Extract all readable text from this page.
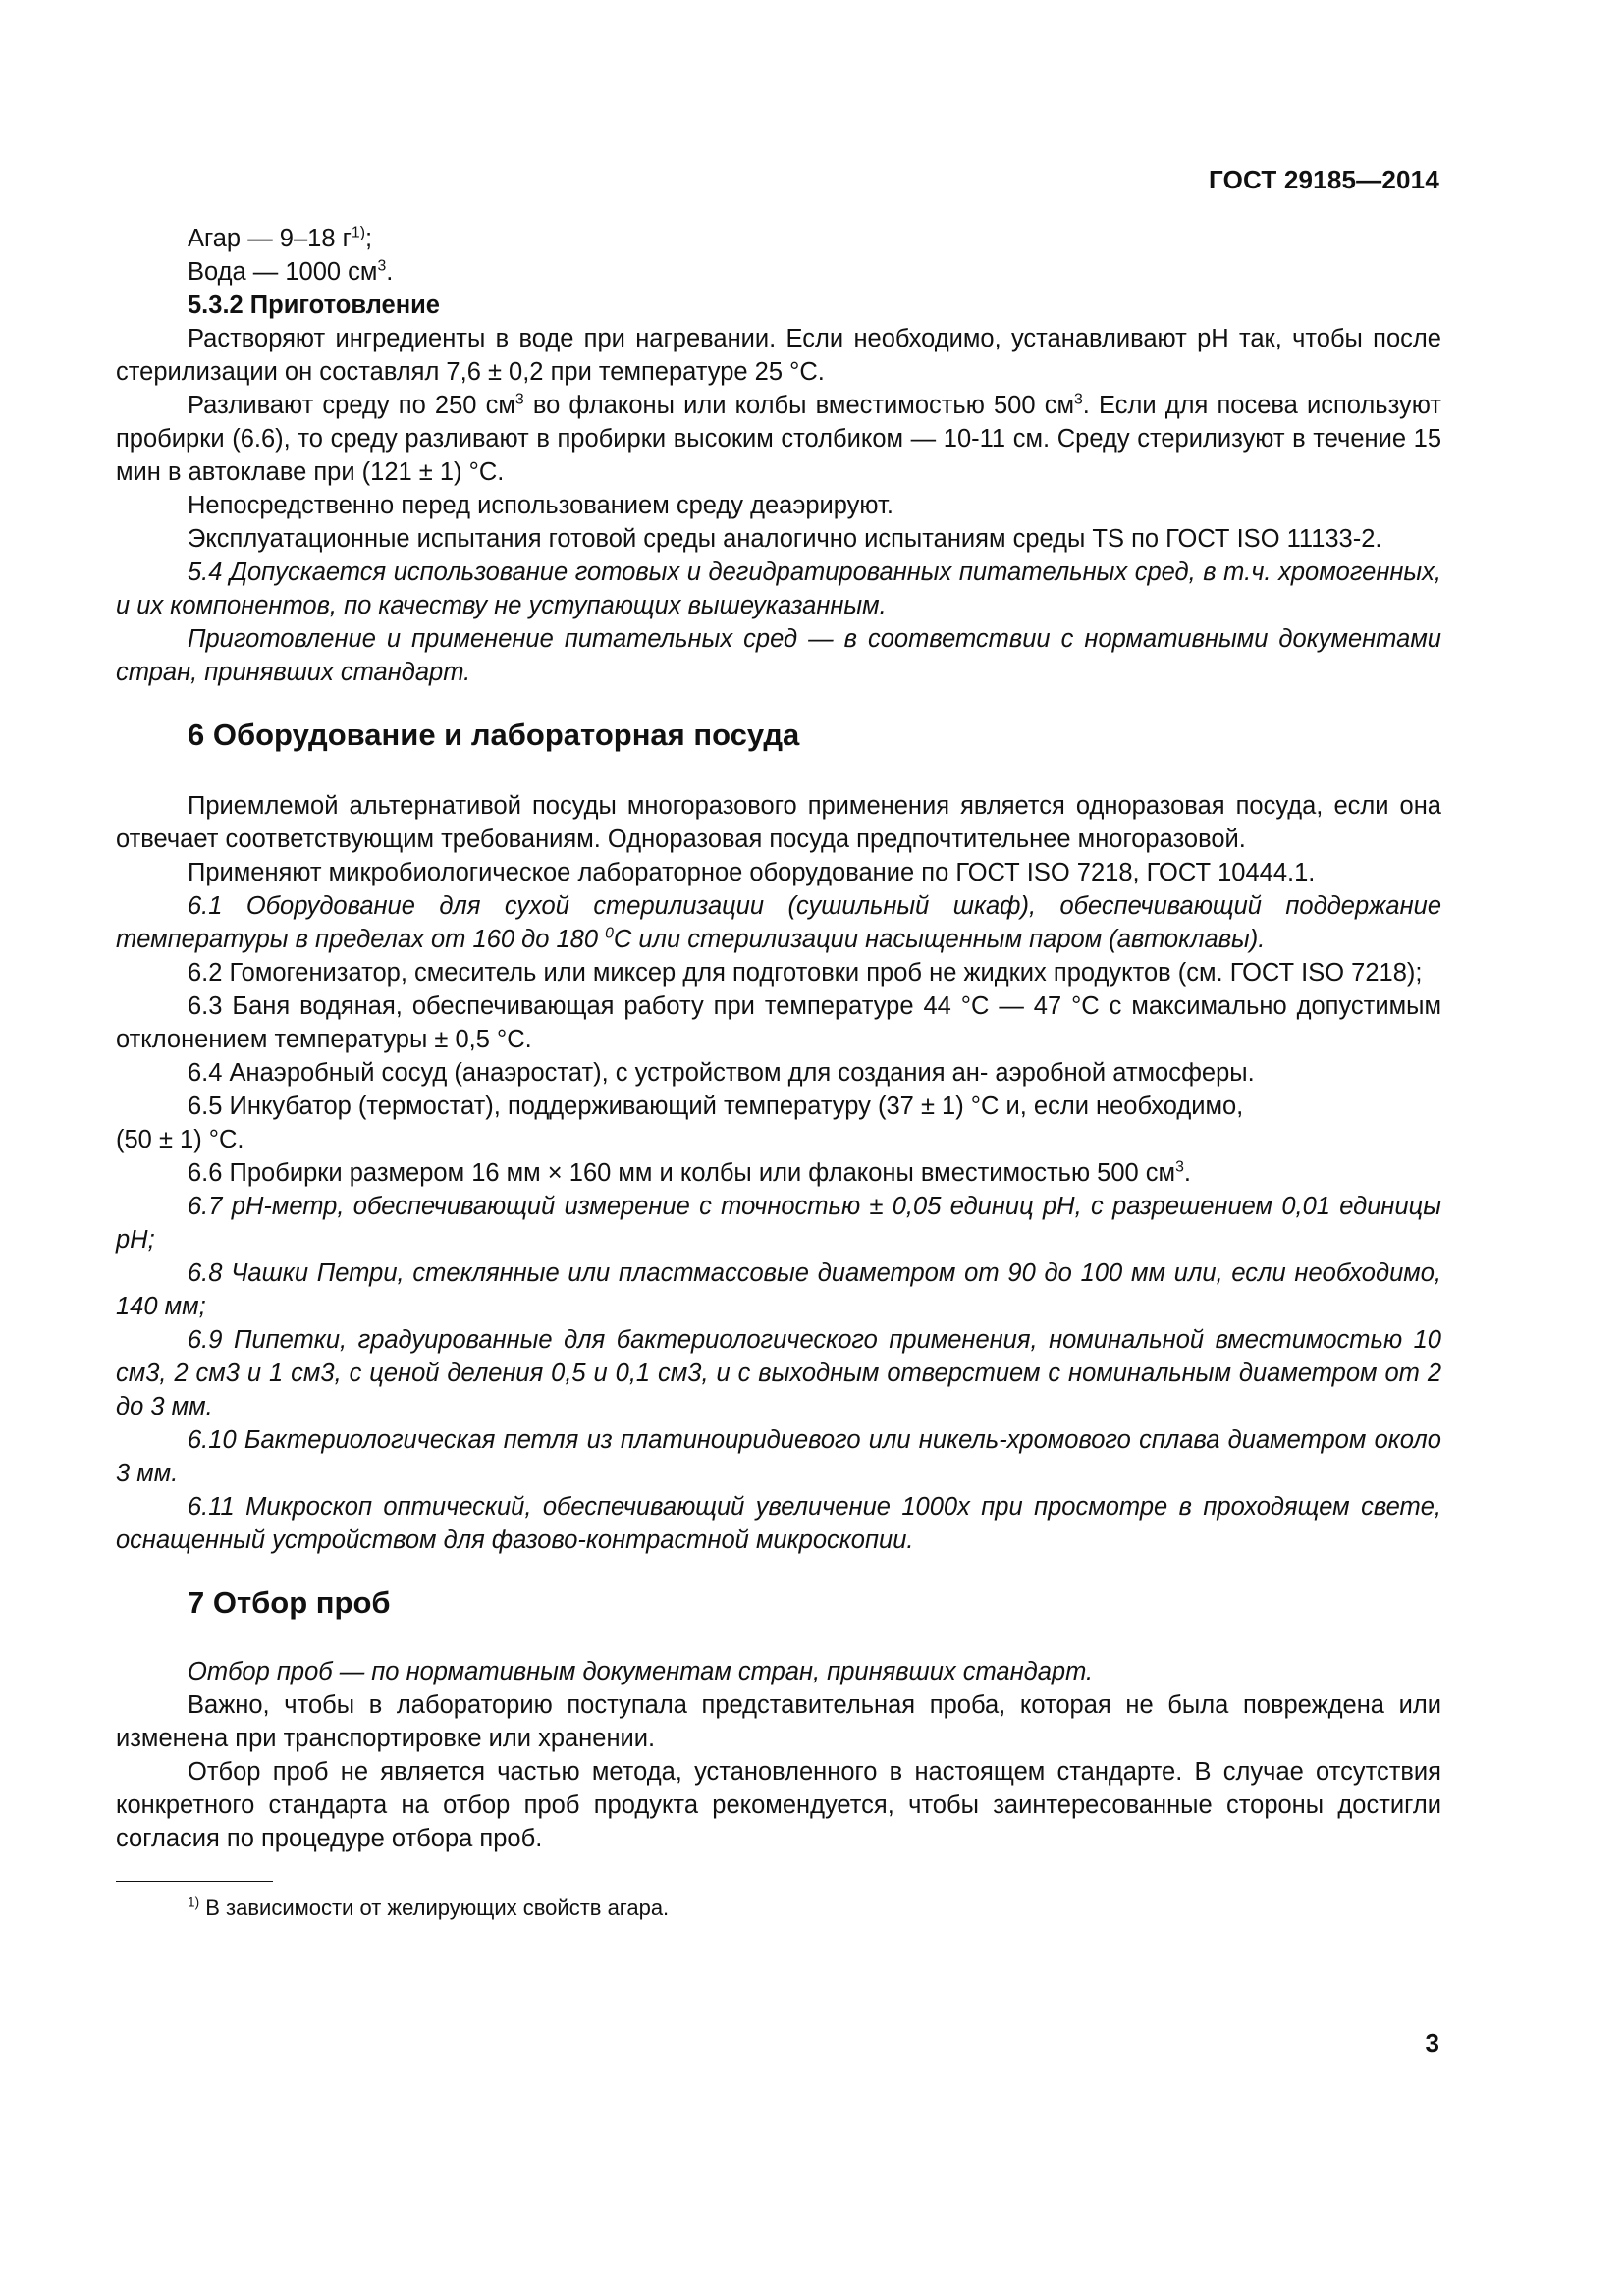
ГОСТ 29185—2014

Агар — 9–18 $г^{1)}$;

Вода — 1000 $см^3$.

5.3.2 Приготовление

Растворяют ингредиенты в воде при нагревании. Если необходимо, устанавливают рН так, чтобы после стерилизации он составлял 7,6 ± 0,2 при температуре 25 °С.

Разливают среду по 250 $см^3$ во флаконы или колбы вместимостью 500 $см^3$. Если для посева используют пробирки (6.6), то среду разливают в пробирки высоким столбиком — 10-11 см. Среду стерилизуют в течение 15 мин в автоклаве при (121 ± 1) °С.

Непосредственно перед использованием среду деаэрируют.

Эксплуатационные испытания готовой среды аналогично испытаниям среды TS по ГОСТ ISO 11133-2.

5.4 Допускается использование готовых и дегидратированных питательных сред, в т.ч. хромогенных, и их компонентов, по качеству не уступающих вышеуказанным.

Приготовление и применение питательных сред — в соответствии с нормативными документами стран, принявших стандарт.

6 Оборудование и лабораторная посуда

Приемлемой альтернативой посуды многоразового применения является одноразовая посуда, если она отвечает соответствующим требованиям. Одноразовая посуда предпочтительнее многоразовой.

Применяют микробиологическое лабораторное оборудование по ГОСТ ISO 7218, ГОСТ 10444.1.

6.1 Оборудование для сухой стерилизации (сушильный шкаф), обеспечивающий поддержание температуры в пределах от 160 до 180 $^0$С или стерилизации насыщенным паром (автоклавы).

6.2 Гомогенизатор, смеситель или миксер для подготовки проб не жидких продуктов (см. ГОСТ ISO 7218);

6.3 Баня водяная, обеспечивающая работу при температуре 44 °С — 47 °С с максимально допустимым отклонением температуры ± 0,5 °С.

6.4 Анаэробный сосуд (анаэростат), с устройством для создания ан- аэробной атмосферы.

6.5 Инкубатор (термостат), поддерживающий температуру (37 ± 1) °С и, если необходимо,

(50 ± 1) °С.

6.6 Пробирки размером 16 мм × 160 мм и колбы или флаконы вместимостью 500 $см^3$.

6.7 рН-метр, обеспечивающий измерение с точностью ± 0,05 единиц рН, с разрешением 0,01 единицы рН;

6.8 Чашки Петри, стеклянные или пластмассовые диаметром от 90 до 100 мм или, если необходимо, 140 мм;

6.9 Пипетки, градуированные для бактериологического применения, номинальной вместимостью 10 см3, 2 см3 и 1 см3, с ценой деления 0,5 и 0,1 см3, и с выходным отверстием с номинальным диаметром от 2 до 3 мм.

6.10 Бактериологическая петля из платиноиридиевого или никель-хромового сплава диаметром около 3 мм.

6.11 Микроскоп оптический, обеспечивающий увеличение 1000х при просмотре в проходящем свете, оснащенный устройством для фазово-контрастной микроскопии.

7 Отбор проб

Отбор проб — по нормативным документам стран, принявших стандарт.

Важно, чтобы в лабораторию поступала представительная проба, которая не была повреждена или изменена при транспортировке или хранении.

Отбор проб не является частью метода, установленного в настоящем стандарте. В случае отсутствия конкретного стандарта на отбор проб продукта рекомендуется, чтобы заинтересованные стороны достигли согласия по процедуре отбора проб.

$^{1)}$ В зависимости от желирующих свойств агара.
3
